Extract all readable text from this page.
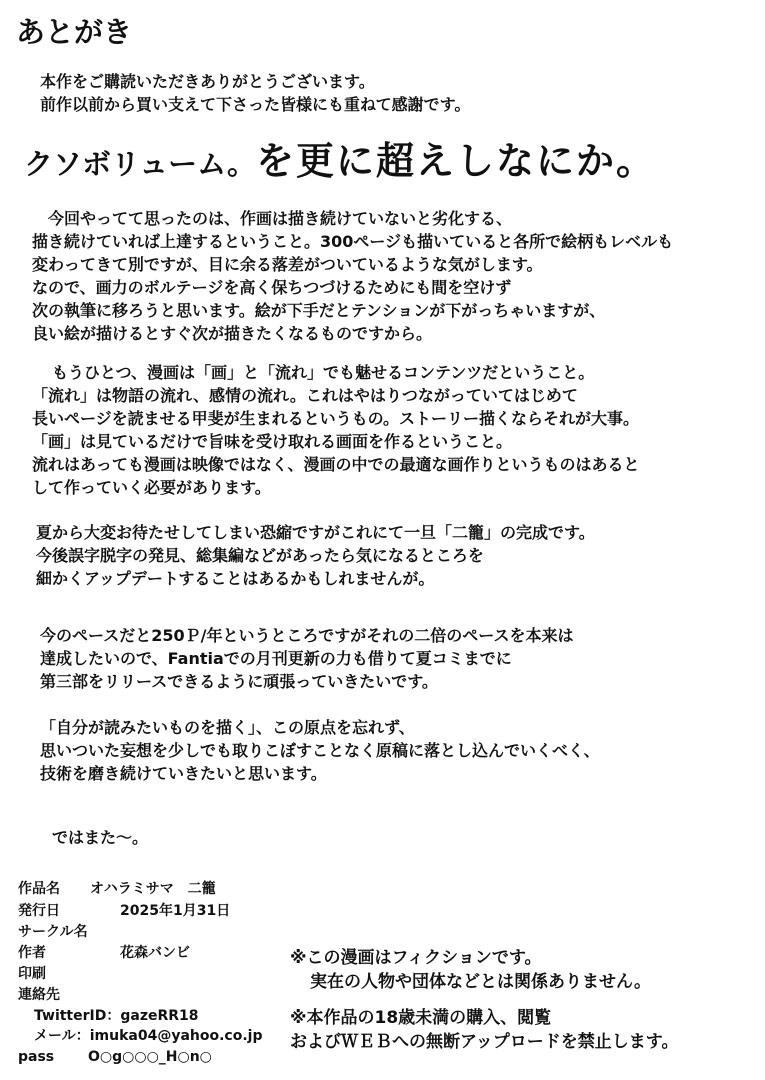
あとがき
本作をご購読いただきありがとうございます。
前作以前から買い支えて下さった皆様にも重ねて感謝です。
クソボリューム。を更に超えしなにか。
今回やってて思ったのは、作画は描き続けていないと劣化する、
描き続けていれば上達するということ。300ページも描いていると各所で絵柄もレベルも
変わってきて別ですが、目に余る落差がついているような気がします。
なので、画力のボルテージを高く保ちつづけるためにも間を空けず
次の執筆に移ろうと思います。絵が下手だとテンションが下がっちゃいますが、
良い絵が描けるとすぐ次が描きたくなるものですから。
もうひとつ、漫画は「画」と「流れ」でも魅せるコンテンツだということ。
「流れ」は物語の流れ、感情の流れ。これはやはりつながっていてはじめて
長いページを読ませる甲斐が生まれるというもの。ストーリー描くならそれが大事。
「画」は見ているだけで旨味を受け取れる画面を作るということ。
流れはあっても漫画は映像ではなく、漫画の中での最適な画作りというものはあると
して作っていく必要があります。
夏から大変お待たせしてしまい恐縮ですがこれにて一旦「二籠」の完成です。
今後誤字脱字の発見、総集編などがあったら気になるところを
細かくアップデートすることはあるかもしれませんが。
今のペースだと250Ｐ/年というところですがそれの二倍のペースを本来は
達成したいので、Fantiaでの月刊更新の力も借りて夏コミまでに
第三部をリリースできるように頑張っていきたいです。
「自分が読みたいものを描く」、この原点を忘れず、
思いついた妄想を少しでも取りこぼすことなく原稿に落とし込んでいくべく、
技術を磨き続けていきたいと思います。
ではまた〜。
作品名 オハラミサマ　二籠
発行日	2025年1月31日
サークル名
作者	花森バンビ
印刷
連絡先
TwitterID：gazeRR18
メール：imuka04@yahoo.co.jp
pass O○g○○○_H○n○
※この漫画はフィクションです。
実在の人物や団体などとは関係ありません。
※本作品の18歳未満の購入、閲覧
およびＷＥＢへの無断アップロードを禁止します。
